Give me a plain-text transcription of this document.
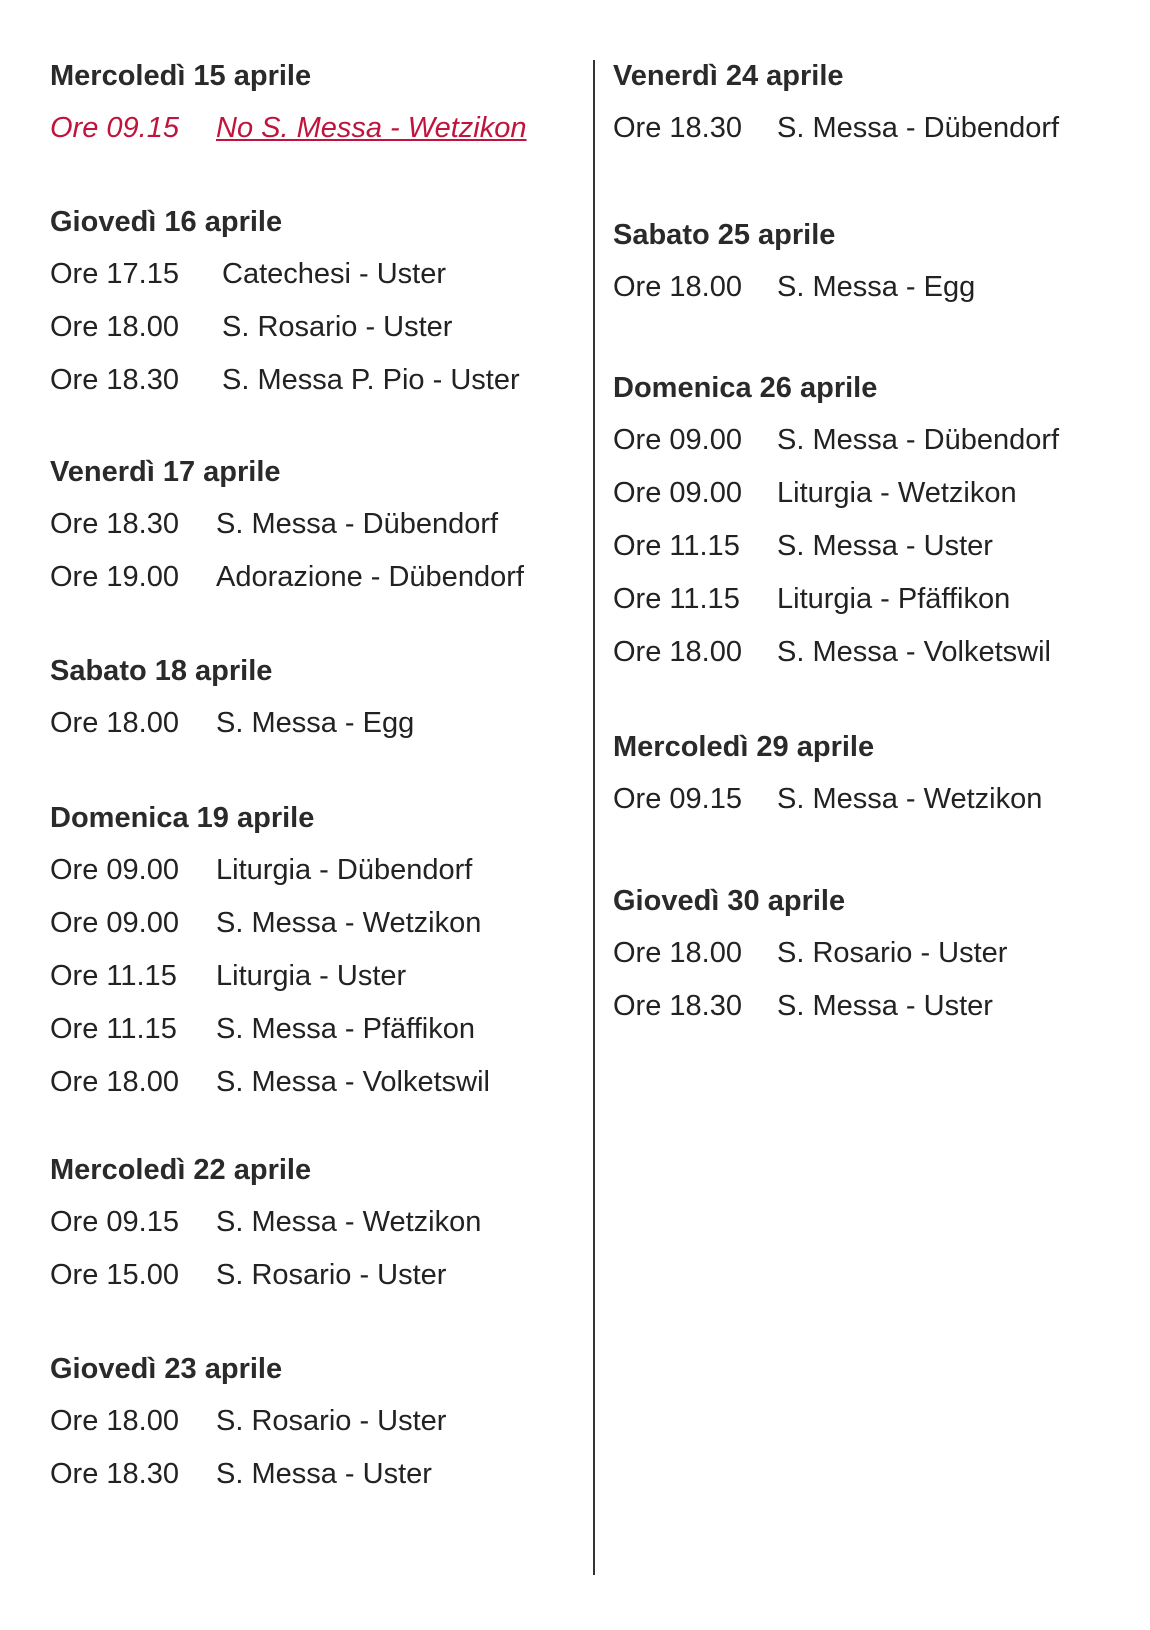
Mercoledì 15 aprile
Ore 09.15 No S. Messa - Wetzikon
Giovedì 16 aprile
Ore 17.15 Catechesi - Uster
Ore 18.00 S. Rosario - Uster
Ore 18.30 S. Messa P. Pio - Uster
Venerdì 17 aprile
Ore 18.30 S. Messa - Dübendorf
Ore 19.00 Adorazione - Dübendorf
Sabato 18 aprile
Ore 18.00 S. Messa - Egg
Domenica 19 aprile
Ore 09.00 Liturgia - Dübendorf
Ore 09.00 S. Messa - Wetzikon
Ore 11.15 Liturgia - Uster
Ore 11.15 S. Messa - Pfäffikon
Ore 18.00 S. Messa - Volketswil
Mercoledì 22 aprile
Ore 09.15 S. Messa - Wetzikon
Ore 15.00 S. Rosario - Uster
Giovedì 23 aprile
Ore 18.00 S. Rosario - Uster
Ore 18.30 S. Messa - Uster
Venerdì 24 aprile
Ore 18.30 S. Messa - Dübendorf
Sabato 25 aprile
Ore 18.00 S. Messa - Egg
Domenica 26 aprile
Ore 09.00 S. Messa - Dübendorf
Ore 09.00 Liturgia - Wetzikon
Ore 11.15 S. Messa - Uster
Ore 11.15 Liturgia - Pfäffikon
Ore 18.00 S. Messa - Volketswil
Mercoledì 29 aprile
Ore 09.15 S. Messa - Wetzikon
Giovedì 30 aprile
Ore 18.00 S. Rosario - Uster
Ore 18.30 S. Messa - Uster
